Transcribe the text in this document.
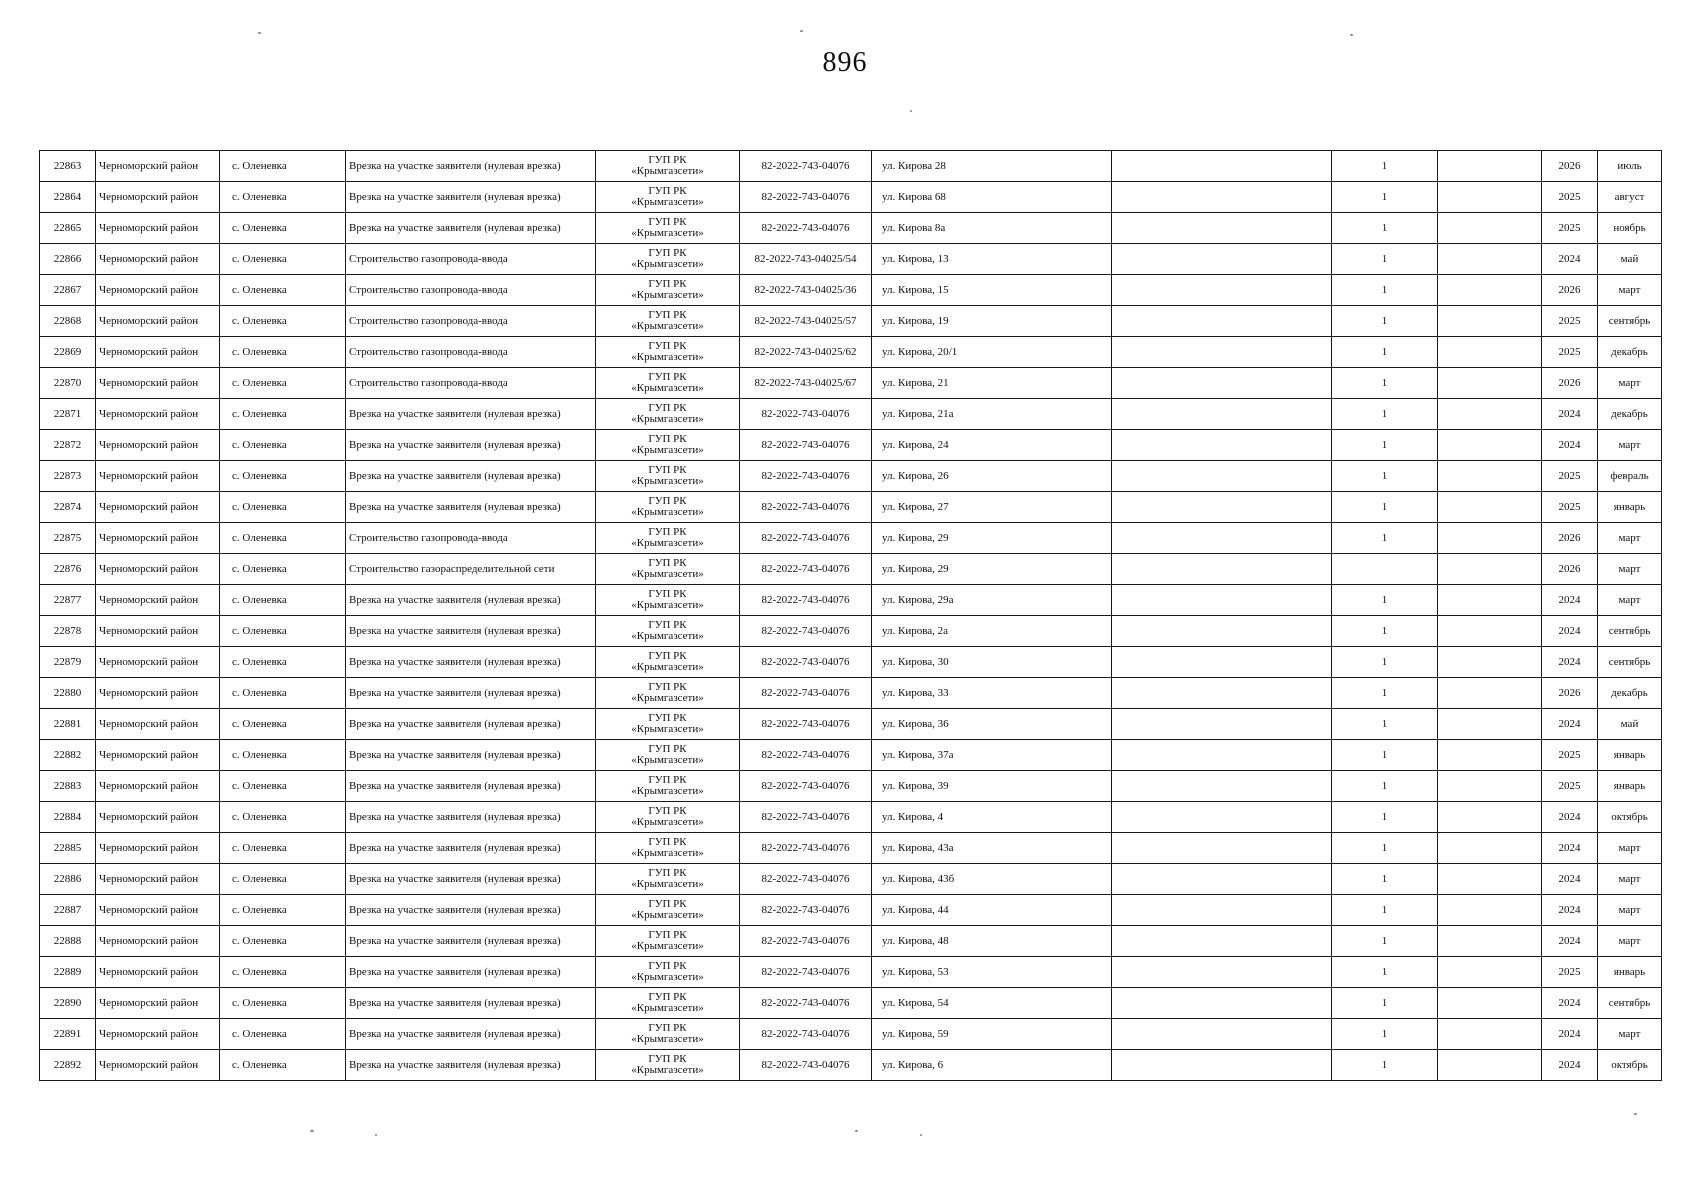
896
22863	Черноморский район	с. Оленевка	Врезка на участке заявителя (нулевая врезка)	ГУП РК
«Крымгазсети»	82-2022-743-04076	ул. Кирова 28		1		2026	июль
22864	Черноморский район	с. Оленевка	Врезка на участке заявителя (нулевая врезка)	ГУП РК
«Крымгазсети»	82-2022-743-04076	ул. Кирова 68		1		2025	август
22865	Черноморский район	с. Оленевка	Врезка на участке заявителя (нулевая врезка)	ГУП РК
«Крымгазсети»	82-2022-743-04076	ул. Кирова 8а		1		2025	ноябрь
22866	Черноморский район	с. Оленевка	Строительство газопровода-ввода	ГУП РК
«Крымгазсети»	82-2022-743-04025/54	ул. Кирова, 13		1		2024	май
22867	Черноморский район	с. Оленевка	Строительство газопровода-ввода	ГУП РК
«Крымгазсети»	82-2022-743-04025/36	ул. Кирова, 15		1		2026	март
22868	Черноморский район	с. Оленевка	Строительство газопровода-ввода	ГУП РК
«Крымгазсети»	82-2022-743-04025/57	ул. Кирова, 19		1		2025	сентябрь
22869	Черноморский район	с. Оленевка	Строительство газопровода-ввода	ГУП РК
«Крымгазсети»	82-2022-743-04025/62	ул. Кирова, 20/1		1		2025	декабрь
22870	Черноморский район	с. Оленевка	Строительство газопровода-ввода	ГУП РК
«Крымгазсети»	82-2022-743-04025/67	ул. Кирова, 21		1		2026	март
22871	Черноморский район	с. Оленевка	Врезка на участке заявителя (нулевая врезка)	ГУП РК
«Крымгазсети»	82-2022-743-04076	ул. Кирова, 21а		1		2024	декабрь
22872	Черноморский район	с. Оленевка	Врезка на участке заявителя (нулевая врезка)	ГУП РК
«Крымгазсети»	82-2022-743-04076	ул. Кирова, 24		1		2024	март
22873	Черноморский район	с. Оленевка	Врезка на участке заявителя (нулевая врезка)	ГУП РК
«Крымгазсети»	82-2022-743-04076	ул. Кирова, 26		1		2025	февраль
22874	Черноморский район	с. Оленевка	Врезка на участке заявителя (нулевая врезка)	ГУП РК
«Крымгазсети»	82-2022-743-04076	ул. Кирова, 27		1		2025	январь
22875	Черноморский район	с. Оленевка	Строительство газопровода-ввода	ГУП РК
«Крымгазсети»	82-2022-743-04076	ул. Кирова, 29		1		2026	март
22876	Черноморский район	с. Оленевка	Строительство газораспределительной сети	ГУП РК
«Крымгазсети»	82-2022-743-04076	ул. Кирова, 29				2026	март
22877	Черноморский район	с. Оленевка	Врезка на участке заявителя (нулевая врезка)	ГУП РК
«Крымгазсети»	82-2022-743-04076	ул. Кирова, 29а		1		2024	март
22878	Черноморский район	с. Оленевка	Врезка на участке заявителя (нулевая врезка)	ГУП РК
«Крымгазсети»	82-2022-743-04076	ул. Кирова, 2а		1		2024	сентябрь
22879	Черноморский район	с. Оленевка	Врезка на участке заявителя (нулевая врезка)	ГУП РК
«Крымгазсети»	82-2022-743-04076	ул. Кирова, 30		1		2024	сентябрь
22880	Черноморский район	с. Оленевка	Врезка на участке заявителя (нулевая врезка)	ГУП РК
«Крымгазсети»	82-2022-743-04076	ул. Кирова, 33		1		2026	декабрь
22881	Черноморский район	с. Оленевка	Врезка на участке заявителя (нулевая врезка)	ГУП РК
«Крымгазсети»	82-2022-743-04076	ул. Кирова, 36		1		2024	май
22882	Черноморский район	с. Оленевка	Врезка на участке заявителя (нулевая врезка)	ГУП РК
«Крымгазсети»	82-2022-743-04076	ул. Кирова, 37а		1		2025	январь
22883	Черноморский район	с. Оленевка	Врезка на участке заявителя (нулевая врезка)	ГУП РК
«Крымгазсети»	82-2022-743-04076	ул. Кирова, 39		1		2025	январь
22884	Черноморский район	с. Оленевка	Врезка на участке заявителя (нулевая врезка)	ГУП РК
«Крымгазсети»	82-2022-743-04076	ул. Кирова, 4		1		2024	октябрь
22885	Черноморский район	с. Оленевка	Врезка на участке заявителя (нулевая врезка)	ГУП РК
«Крымгазсети»	82-2022-743-04076	ул. Кирова, 43а		1		2024	март
22886	Черноморский район	с. Оленевка	Врезка на участке заявителя (нулевая врезка)	ГУП РК
«Крымгазсети»	82-2022-743-04076	ул. Кирова, 43б		1		2024	март
22887	Черноморский район	с. Оленевка	Врезка на участке заявителя (нулевая врезка)	ГУП РК
«Крымгазсети»	82-2022-743-04076	ул. Кирова, 44		1		2024	март
22888	Черноморский район	с. Оленевка	Врезка на участке заявителя (нулевая врезка)	ГУП РК
«Крымгазсети»	82-2022-743-04076	ул. Кирова, 48		1		2024	март
22889	Черноморский район	с. Оленевка	Врезка на участке заявителя (нулевая врезка)	ГУП РК
«Крымгазсети»	82-2022-743-04076	ул. Кирова, 53		1		2025	январь
22890	Черноморский район	с. Оленевка	Врезка на участке заявителя (нулевая врезка)	ГУП РК
«Крымгазсети»	82-2022-743-04076	ул. Кирова, 54		1		2024	сентябрь
22891	Черноморский район	с. Оленевка	Врезка на участке заявителя (нулевая врезка)	ГУП РК
«Крымгазсети»	82-2022-743-04076	ул. Кирова, 59		1		2024	март
22892	Черноморский район	с. Оленевка	Врезка на участке заявителя (нулевая врезка)	ГУП РК
«Крымгазсети»	82-2022-743-04076	ул. Кирова, 6		1		2024	октябрь
